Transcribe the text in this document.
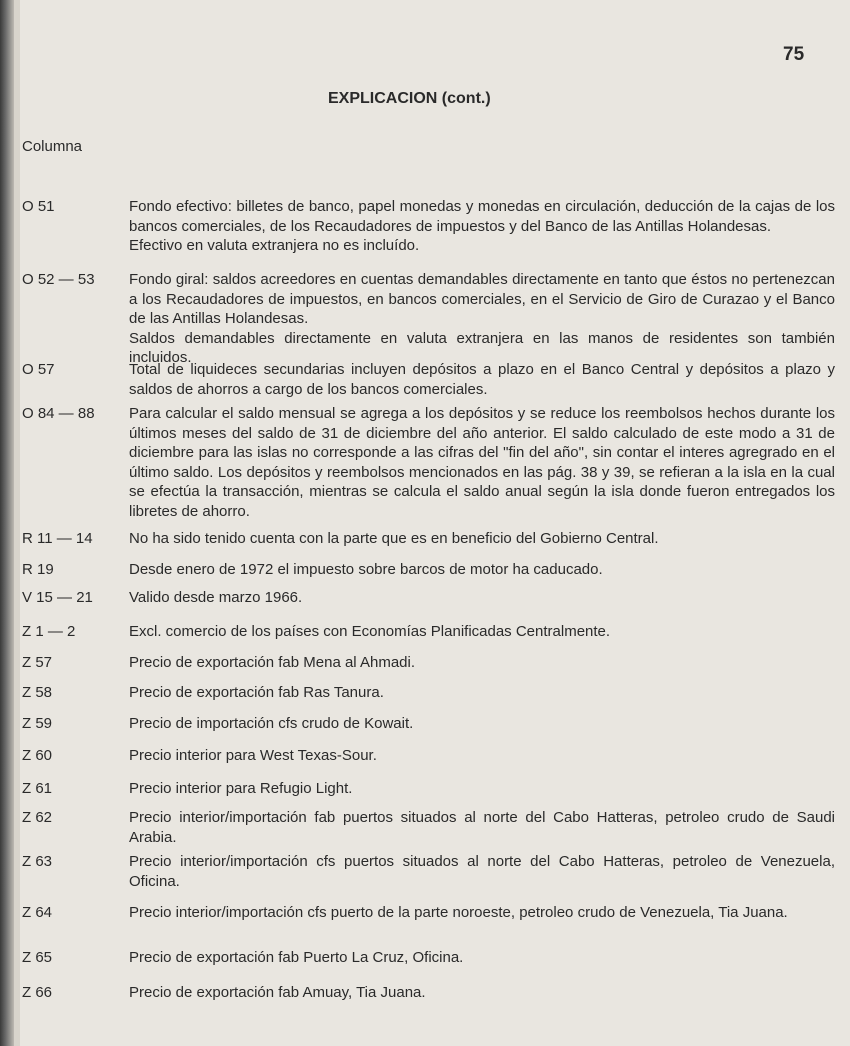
75
EXPLICACION (cont.)
Columna
O 51	Fondo efectivo: billetes de banco, papel monedas y monedas en circulación, deducción de la cajas de los bancos comerciales, de los Recaudadores de impuestos y del Banco de las Antillas Holandesas.

Efectivo en valuta extranjera no es incluído.

O 52 — 53	Fondo giral: saldos acreedores en cuentas demandables directamente en tanto que éstos no pertenezcan a los Recaudadores de impuestos, en bancos comerciales, en el Servicio de Giro de Curazao y el Banco de las Antillas Holandesas.

Saldos demandables directamente en valuta extranjera en las manos de residentes son también incluidos.

O 57	Total de liquideces secundarias incluyen depósitos a plazo en el Banco Central y depósitos a plazo y saldos de ahorros a cargo de los bancos comerciales.

O 84 — 88	Para calcular el saldo mensual se agrega a los depósitos y se reduce los reembolsos hechos durante los últimos meses del saldo de 31 de diciembre del año anterior. El saldo calculado de este modo a 31 de diciembre para las islas no corresponde a las cifras del "fin del año", sin contar el interes agregrado en el último saldo. Los depósitos y reembolsos mencionados en las pág. 38 y 39, se refieran a la isla en la cual se efectúa la transacción, mientras se calcula el saldo anual según la isla donde fueron entregados los libretes de ahorro.

R 11 — 14	No ha sido tenido cuenta con la parte que es en beneficio del Gobierno Central.

R 19	Desde enero de 1972 el impuesto sobre barcos de motor ha caducado.

V 15 — 21	Valido desde marzo 1966.

Z 1 — 2	Excl. comercio de los países con Economías Planificadas Centralmente.

Z 57	Precio de exportación fab Mena al Ahmadi.

Z 58	Precio de exportación fab Ras Tanura.

Z 59	Precio de importación cfs crudo de Kowait.

Z 60	Precio interior para West Texas-Sour.

Z 61	Precio interior para Refugio Light.

Z 62	Precio interior/importación fab puertos situados al norte del Cabo Hatteras, petroleo crudo de Saudi Arabia.

Z 63	Precio interior/importación cfs puertos situados al norte del Cabo Hatteras, petroleo de Venezuela, Oficina.

Z 64	Precio interior/importación cfs puerto de la parte noroeste, petroleo crudo de Venezuela, Tia Juana.

Z 65	Precio de exportación fab Puerto La Cruz, Oficina.

Z 66	Precio de exportación fab Amuay, Tia Juana.
